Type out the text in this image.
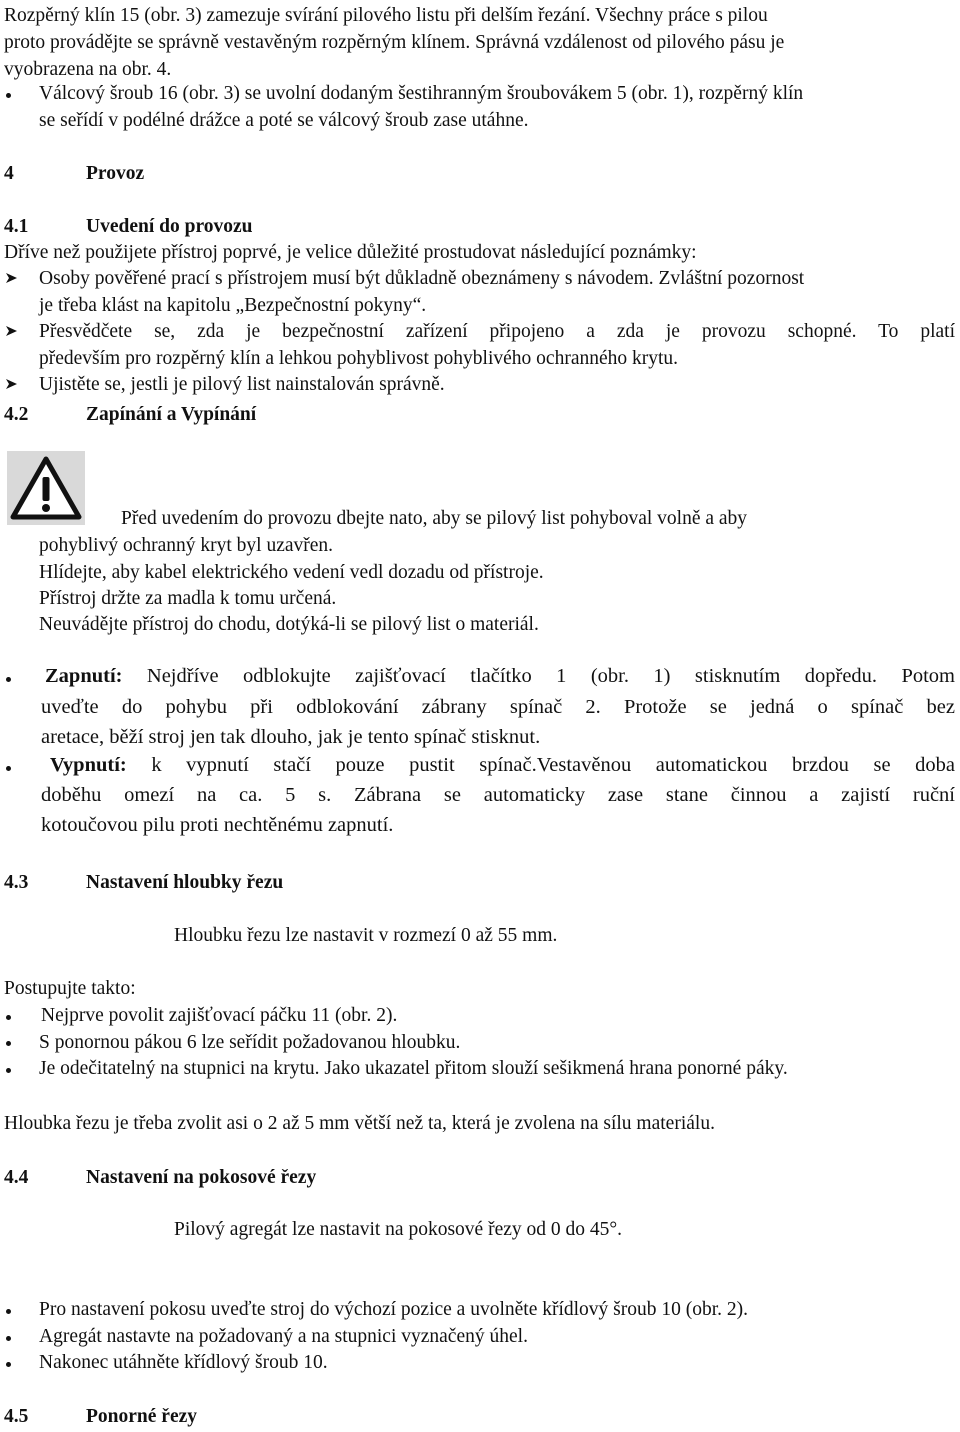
Rozpěrný klín 15 (obr. 3) zamezuje svírání pilového listu při delším řezání. Všechny práce s pilou
proto provádějte se správně vestavěným rozpěrným klínem. Správná vzdálenost od pilového pásu je
vyobrazena na obr. 4.
Válcový šroub 16 (obr. 3) se uvolní dodaným šestihranným šroubovákem 5 (obr. 1), rozpěrný klín
se seřídí v podélné drážce a poté se válcový šroub zase utáhne.
4	Provoz
4.1	Uvedení do provozu
Dříve než použijete přístroj poprvé, je velice důležité prostudovat následující poznámky:
Osoby pověřené prací s přístrojem musí být důkladně obeznámeny s návodem. Zvláštní pozornost
je třeba klást na kapitolu „Bezpečnostní pokyny“.
Přesvědčete se, zda je bezpečnostní zařízení připojeno a zda je provozu schopné. To platí
především pro rozpěrný klín a lehkou pohyblivost pohyblivého ochranného krytu.
Ujistěte se, jestli je pilový list nainstalován správně.
4.2	Zapínání a Vypínání
Před uvedením do provozu dbejte nato, aby se pilový list pohyboval volně a aby
pohyblivý ochranný kryt byl uzavřen.
Hlídejte, aby kabel elektrického vedení vedl dozadu od přístroje.
Přístroj držte za madla k tomu určená.
Neuvádějte přístroj do chodu, dotýká-li se pilový list o materiál.
Zapnutí: Nejdříve odblokujte zajišťovací tlačítko 1 (obr. 1) stisknutím dopředu. Potom
uveďte do pohybu při odblokování zábrany spínač 2. Protože se jedná o spínač bez
aretace, běží stroj jen tak dlouho, jak je tento spínač stisknut.
Vypnutí: k vypnutí stačí pouze pustit spínač.Vestavěnou automatickou brzdou se doba
doběhu omezí na ca. 5 s. Zábrana se automaticky zase stane činnou a zajistí ruční
kotoučovou pilu proti nechtěnému zapnutí.
4.3	Nastavení hloubky řezu
Hloubku řezu lze nastavit v rozmezí 0 až 55 mm.
Postupujte takto:
Nejprve povolit zajišťovací páčku 11 (obr. 2).
S ponornou pákou 6 lze seřídit požadovanou hloubku.
Je odečitatelný na stupnici na krytu. Jako ukazatel přitom slouží sešikmená hrana ponorné páky.
Hloubka řezu je třeba zvolit asi o 2 až 5 mm větší než ta, která je zvolena na sílu materiálu.
4.4	Nastavení na pokosové řezy
Pilový agregát lze nastavit na pokosové řezy od 0 do 45°.
Pro nastavení pokosu uveďte stroj do výchozí pozice a uvolněte křídlový šroub 10 (obr. 2).
Agregát nastavte na požadovaný a na stupnici vyznačený úhel.
Nakonec utáhněte křídlový šroub 10.
4.5	Ponorné řezy
